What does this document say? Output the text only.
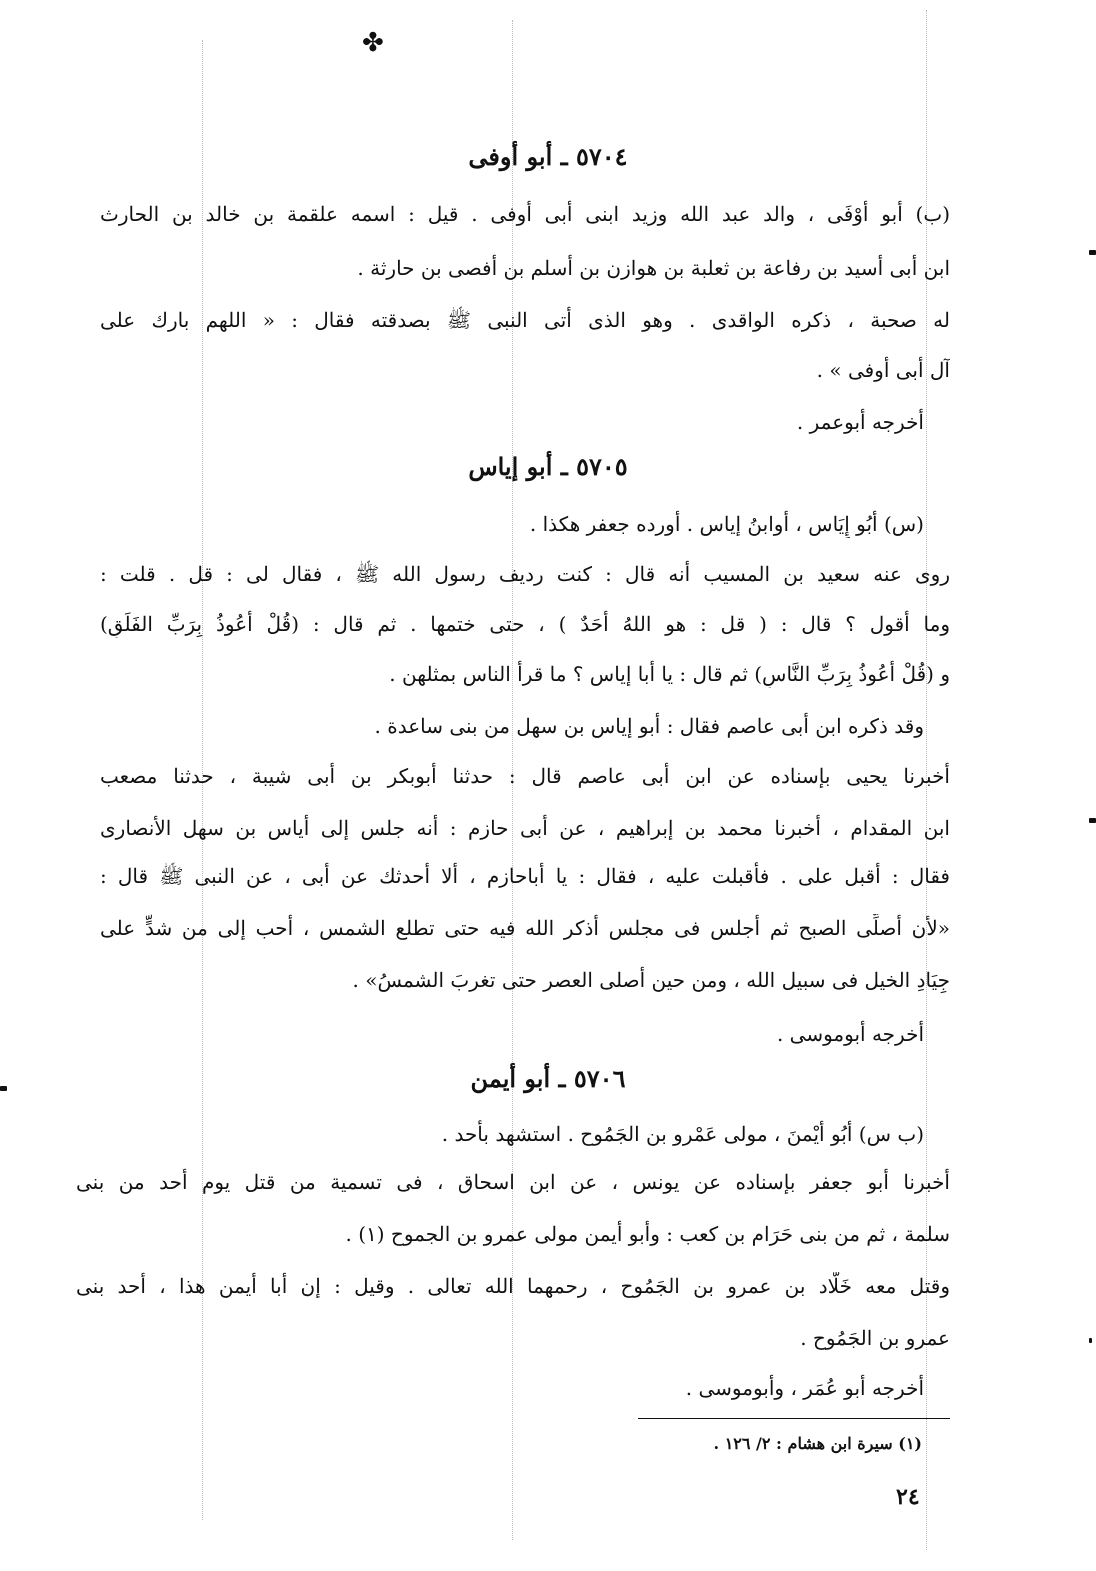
✤
٥٧٠٤ ـ أبو أوفى
(ب) أَبو أَوْفَى ، والد عبد الله وزيد ابنى أبى أوفى . قيل : اسمه علقمة بن خالد بن الحارث
ابن أبى أسيد بن رفاعة بن ثعلبة بن هوازن بن أسلم بن أفصى بن حارثة .
له صحبة ، ذكره الواقدى . وهو الذى أتى النبى ﷺ بصدقته فقال : « اللهم بارك على
آل أبى أوفى » .
أخرجه أبوعمر .
٥٧٠٥ ـ أبو إياس
(س) أَبُو إِيَاس ، أَوابنُ إياس . أورده جعفر هكذا .
روى عنه سعيد بن المسيب أنه قال : كنت رديف رسول الله ﷺ ، فقال لى : قل . قلت :
وما أقول ؟ قال : ( قل : هو اللهُ أَحَدٌ ) ، حتى ختمها . ثم قال : (قُلْ أَعُوذُ بِرَبِّ الفَلَقِ)
و (قُلْ أَعُوذُ بِرَبِّ النَّاسِ) ثم قال : يا أبا إياس ؟ ما قرأ الناس بمثلهن .
وقد ذكره ابن أبى عاصم فقال : أبو إياس بن سهل من بنى ساعدة .
أخبرنا يحيى بإسناده عن ابن أبى عاصم قال : حدثنا أبوبكر بن أبى شيبة ، حدثنا مصعب
ابن المقدام ، أخبرنا محمد بن إبراهيم ، عن أبى حازم : أنه جلس إلى أياس بن سهل الأنصارى
فقال : أقبل على . فأقبلت عليه ، فقال : يا أباحازم ، ألا أحدثك عن أبى ، عن النبى ﷺ قال :
«لأن أصلِّى الصبح ثم أجلس فى مجلس أذكر الله فيه حتى تطلع الشمس ، أحب إلى من شدٍّ على
جِيَادِ الخيل فى سبيل الله ، ومن حين أصلى العصر حتى تغربَ الشمسُ» .
أخرجه أبوموسى .
٥٧٠٦ ـ أبو أيمن
(ب س) أَبُو أَيْمنَ ، مولى عَمْرو بن الجَمُوح . استشهد بأُحد .
أخبرنا أبو جعفر بإسناده عن يونس ، عن ابن اسحاق ، فى تسمية من قتل يوم أُحد من بنى
سلمة ، ثم من بنى حَرَام بن كعب : وأبو أيمن مولى عمرو بن الجموح (١) .
وقتل معه خَلَّاد بن عمرو بن الجَمُوح ، رحمهما الله تعالى . وقيل : إن أبا أيمن هذا ، أحد بنى
عمرو بن الجَمُوح .
أخرجه أبو عُمَر ، وأبوموسى .
(١) سيرة ابن هشام : ٢/ ١٢٦ .
٢٤
